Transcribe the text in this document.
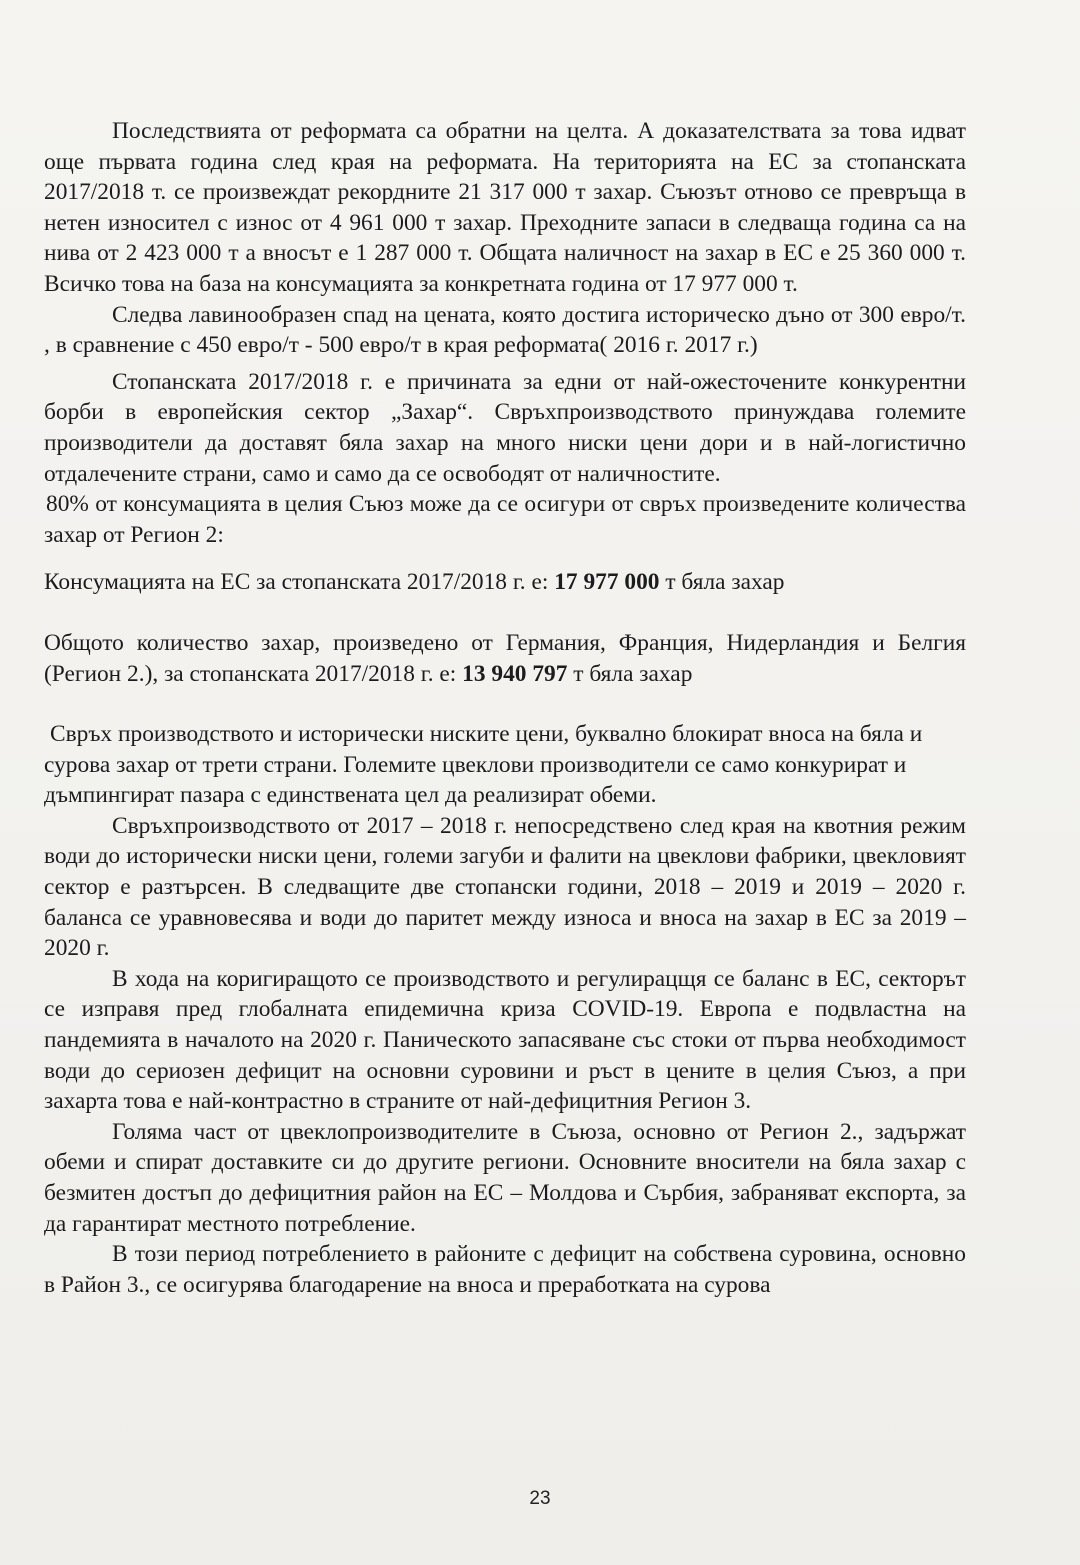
Последствията от реформата са обратни на целта. А доказателствата за това идват още първата година след края на реформата. На територията на ЕС за стопанската 2017/2018 т. се произвеждат рекордните 21 317 000 т захар. Съюзът отново се превръща в нетен износител с износ от 4 961 000 т захар. Преходните запаси в следваща година са на нива от 2 423 000 т а вносът е 1 287 000 т. Общата наличност на захар в ЕС е 25 360 000 т. Всичко това на база на консумацията за конкретната година от 17 977 000 т.

Следва лавинообразен спад на цената, която достига историческо дъно от 300 евро/т. , в сравнение с 450 евро/т - 500 евро/т в края реформата( 2016 г. 2017 г.)

Стопанската 2017/2018 г. е причината за едни от най-ожесточените конкурентни борби в европейския сектор „Захар“. Свръхпроизводството принуждава големите производители да доставят бяла захар на много ниски цени дори и в най-логистично отдалечените страни, само и само да се освободят от наличностите.

80% от консумацията в целия Съюз може да се осигури от свръх произведените количества захар от Регион 2:

Консумацията на ЕС за стопанската 2017/2018 г. е: 17 977 000 т бяла захар

Общото количество захар, произведено от Германия, Франция, Нидерландия и Белгия (Регион 2.), за стопанската 2017/2018 г. е: 13 940 797 т бяла захар

Свръх производството и исторически ниските цени, буквално блокират вноса на бяла и сурова захар от трети страни. Големите цвеклови производители се само конкурират и дъмпингират пазара с единствената цел да реализират обеми.

Свръхпроизводството от 2017 – 2018 г. непосредствено след края на квотния режим води до исторически ниски цени, големи загуби и фалити на цвеклови фабрики, цвекловият сектор е разтърсен. В следващите две стопански години, 2018 – 2019 и 2019 – 2020 г. баланса се уравновесява и води до паритет между износа и вноса на захар в ЕС за 2019 – 2020 г.

В хода на коригиращото се производството и регулирацщя се баланс в ЕС, секторът се изправя пред глобалната епидемична криза COVID-19. Европа е подвластна на пандемията в началото на 2020 г. Паническото запасяване със стоки от първа необходимост води до сериозен дефицит на основни суровини и ръст в цените в целия Съюз, а при захарта това е най-контрастно в страните от най-дефицитния Регион 3.

Голяма част от цвеклопроизводителите в Съюза, основно от Регион 2., задържат обеми и спират доставките си до другите региони. Основните вносители на бяла захар с безмитен достъп до дефицитния район на ЕС – Молдова и Сърбия, забраняват експорта, за да гарантират местното потребление.

В този период потреблението в районите с дефицит на собствена суровина, основно в Район 3., се осигурява благодарение на вноса и преработката на сурова

23
